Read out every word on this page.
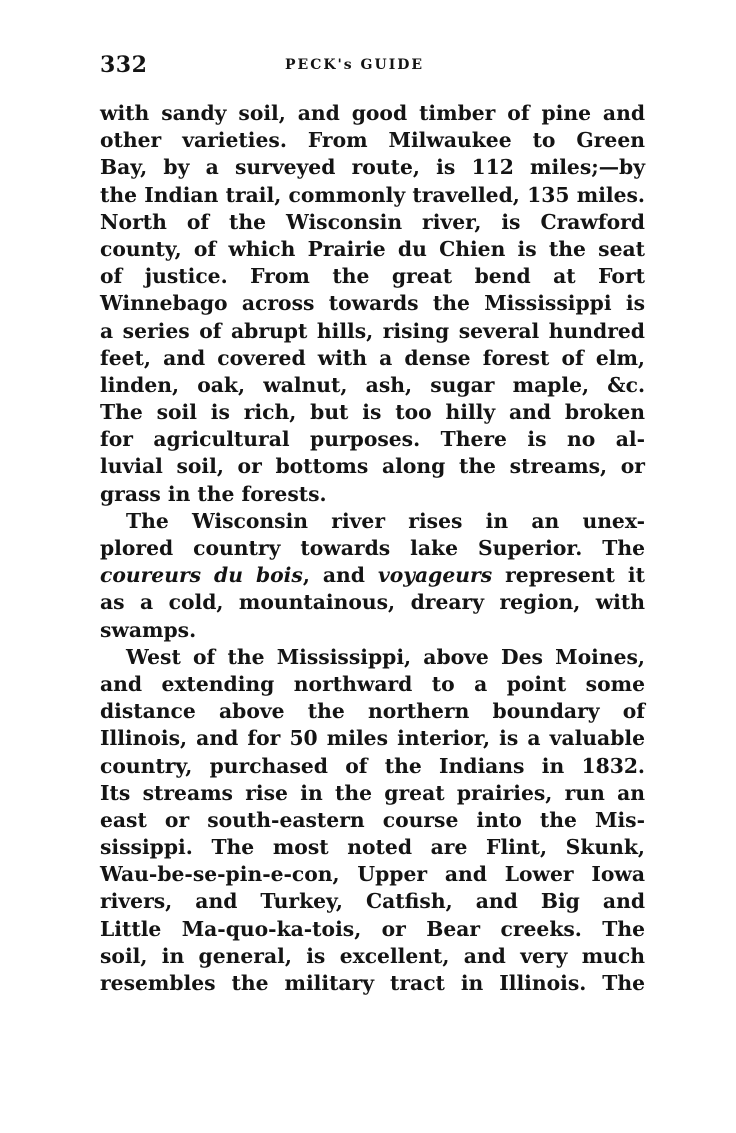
332	PECK's GUIDE
with sandy soil, and good timber of pine and
other varieties. From Milwaukee to Green
Bay, by a surveyed route, is 112 miles;—by
the Indian trail, commonly travelled, 135 miles.
North of the Wisconsin river, is Crawford
county, of which Prairie du Chien is the seat
of justice. From the great bend at Fort
Winnebago across towards the Mississippi is
a series of abrupt hills, rising several hundred
feet, and covered with a dense forest of elm,
linden, oak, walnut, ash, sugar maple, &c.
The soil is rich, but is too hilly and broken
for agricultural purposes. There is no al-
luvial soil, or bottoms along the streams, or
grass in the forests.
The Wisconsin river rises in an unex-
plored country towards lake Superior. The
coureurs du bois, and voyageurs represent it
as a cold, mountainous, dreary region, with
swamps.
West of the Mississippi, above Des Moines,
and extending northward to a point some
distance above the northern boundary of
Illinois, and for 50 miles interior, is a valuable
country, purchased of the Indians in 1832.
Its streams rise in the great prairies, run an
east or south-eastern course into the Mis-
sissippi. The most noted are Flint, Skunk,
Wau-be-se-pin-e-con, Upper and Lower Iowa
rivers, and Turkey, Catfish, and Big and
Little Ma-quo-ka-tois, or Bear creeks. The
soil, in general, is excellent, and very much
resembles the military tract in Illinois. The
